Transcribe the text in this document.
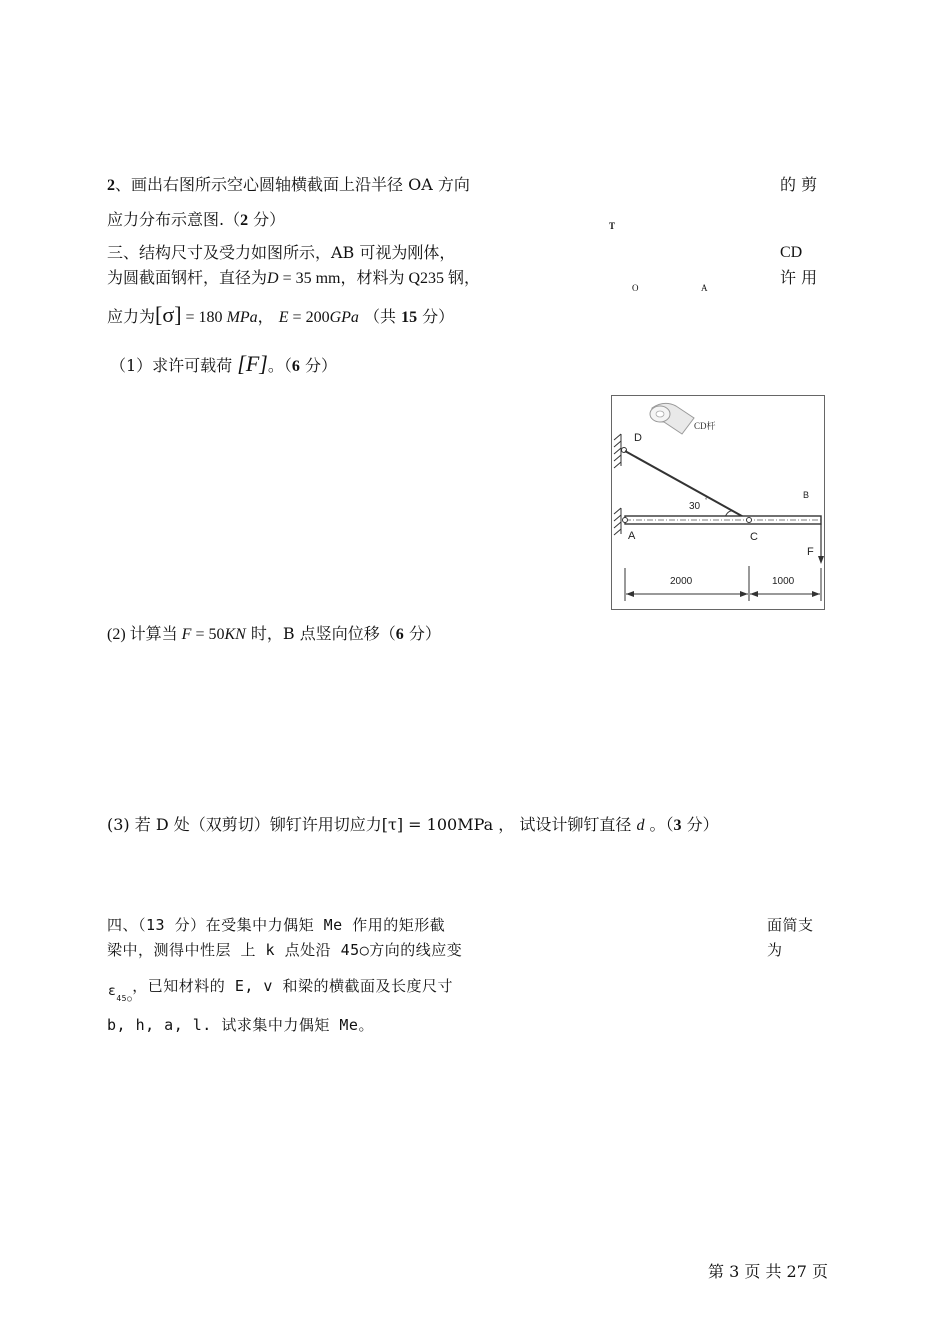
2、画出右图所示空心圆轴横截面上沿半径 OA 方向	的 剪
应力分布示意图.（2 分）	T
三、结构尺寸及受力如图所示，AB 可视为刚体，	CD
为圆截面钢杆，直径为D = 35 mm，材料为 Q235 钢，
O	A
许 用
应力为[σ] = 180 MPa， E = 200GPa （共 15 分）
（1）求许可载荷 [F]。（6 分）
CD杆
D
30 °
B
A	C
F
2000	1000
(2) 计算当 F = 50KN 时，B 点竖向位移（6 分）
(3) 若 D 处（双剪切）铆钉许用切应力[τ] = 100MPa ， 试设计铆钉直径 d 。（3 分）
四、（13 分）在受集中力偶矩 Me 作用的矩形截	面简支
梁中，测得中性层 上 k 点处沿 45○方向的线应变	为
$\varepsilon_{45○}$，已知材料的 E, v 和梁的横截面及长度尺寸
b, h, a, l. 试求集中力偶矩 Me。
第 3 页 共 27 页
